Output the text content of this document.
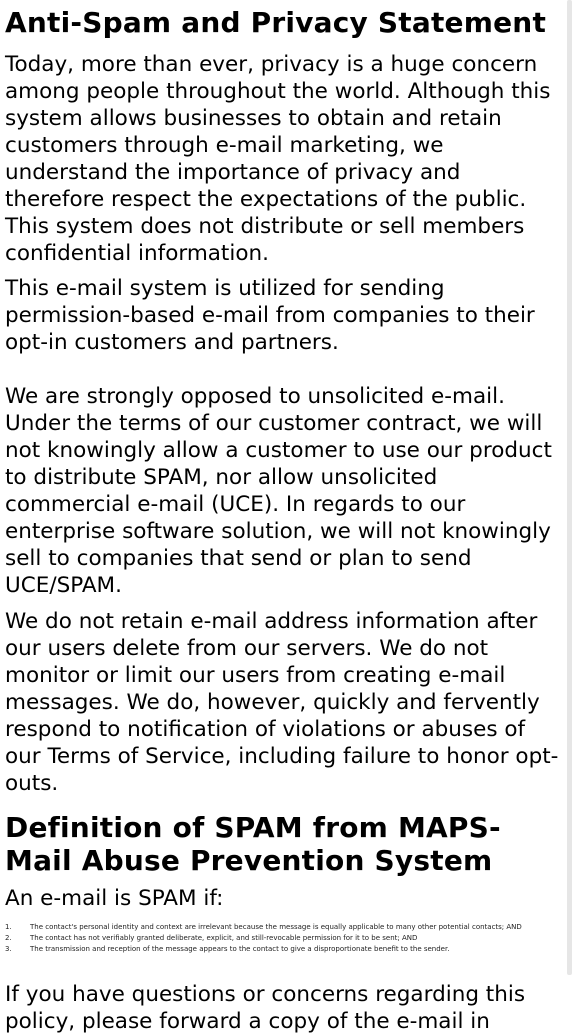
Anti-Spam and Privacy Statement

Today, more than ever, privacy is a huge concern among people throughout the world. Although this system allows businesses to obtain and retain customers through e-mail marketing, we understand the importance of privacy and therefore respect the expectations of the public. This system does not distribute or sell members confidential information.

This e-mail system is utilized for sending permission-based e-mail from companies to their opt-in customers and partners.

We are strongly opposed to unsolicited e-mail. Under the terms of our customer contract, we will not knowingly allow a customer to use our product to distribute SPAM, nor allow unsolicited commercial e-mail (UCE). In regards to our enterprise software solution, we will not knowingly sell to companies that send or plan to send UCE/SPAM.

We do not retain e-mail address information after our users delete from our servers. We do not monitor or limit our users from creating e-mail messages. We do, however, quickly and fervently respond to notification of violations or abuses of our Terms of Service, including failure to honor opt-outs.

Definition of SPAM from MAPS- Mail Abuse Prevention System

An e-mail is SPAM if:

1.	The contact's personal identity and context are irrelevant because the message is equally applicable to many other potential contacts; AND
2.	The contact has not verifiably granted deliberate, explicit, and still-revocable permission for it to be sent; AND
3.	The transmission and reception of the message appears to the contact to give a disproportionate benefit to the sender.

If you have questions or concerns regarding this policy, please forward a copy of the e-mail in
